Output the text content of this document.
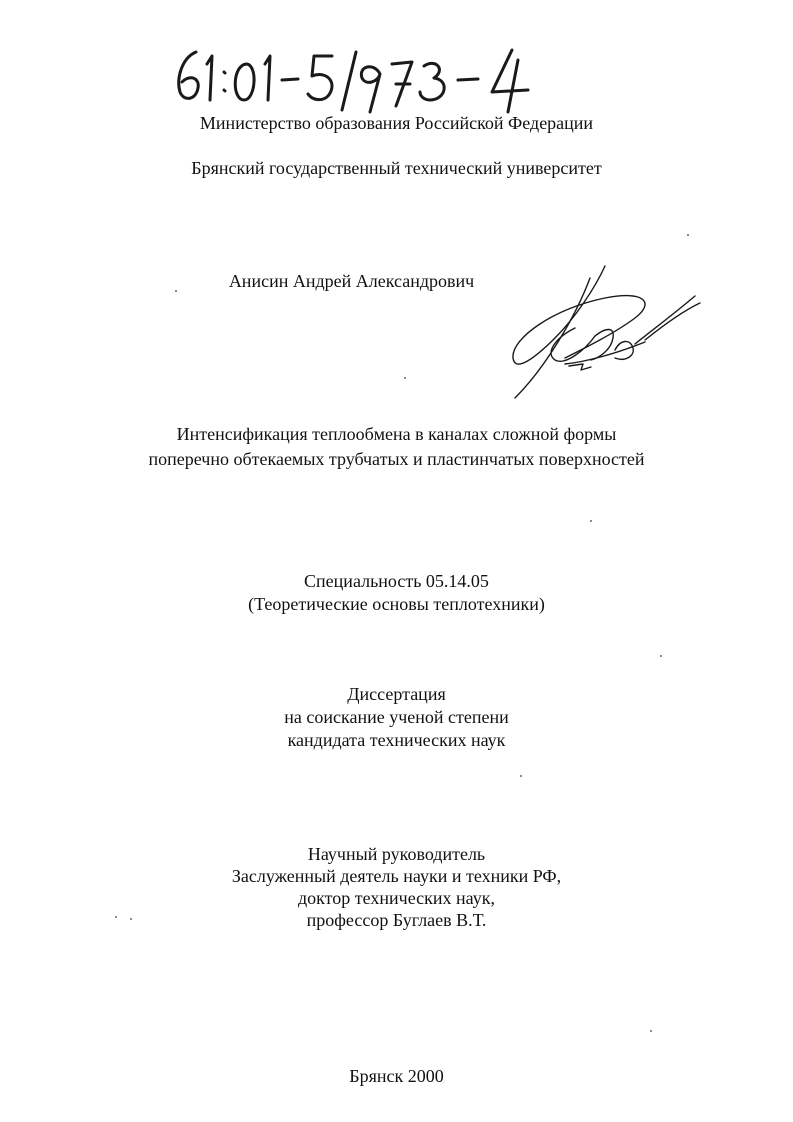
Министерство образования Российской Федерации
Брянский государственный технический университет
Анисин Андрей Александрович
Интенсификация теплообмена в каналах сложной формы
поперечно обтекаемых трубчатых и пластинчатых поверхностей
Специальность 05.14.05
(Теоретические основы теплотехники)
Диссертация
на соискание ученой степени
кандидата технических наук
Научный руководитель
Заслуженный деятель науки и техники РФ,
доктор технических наук,
профессор Буглаев В.Т.
Брянск 2000
